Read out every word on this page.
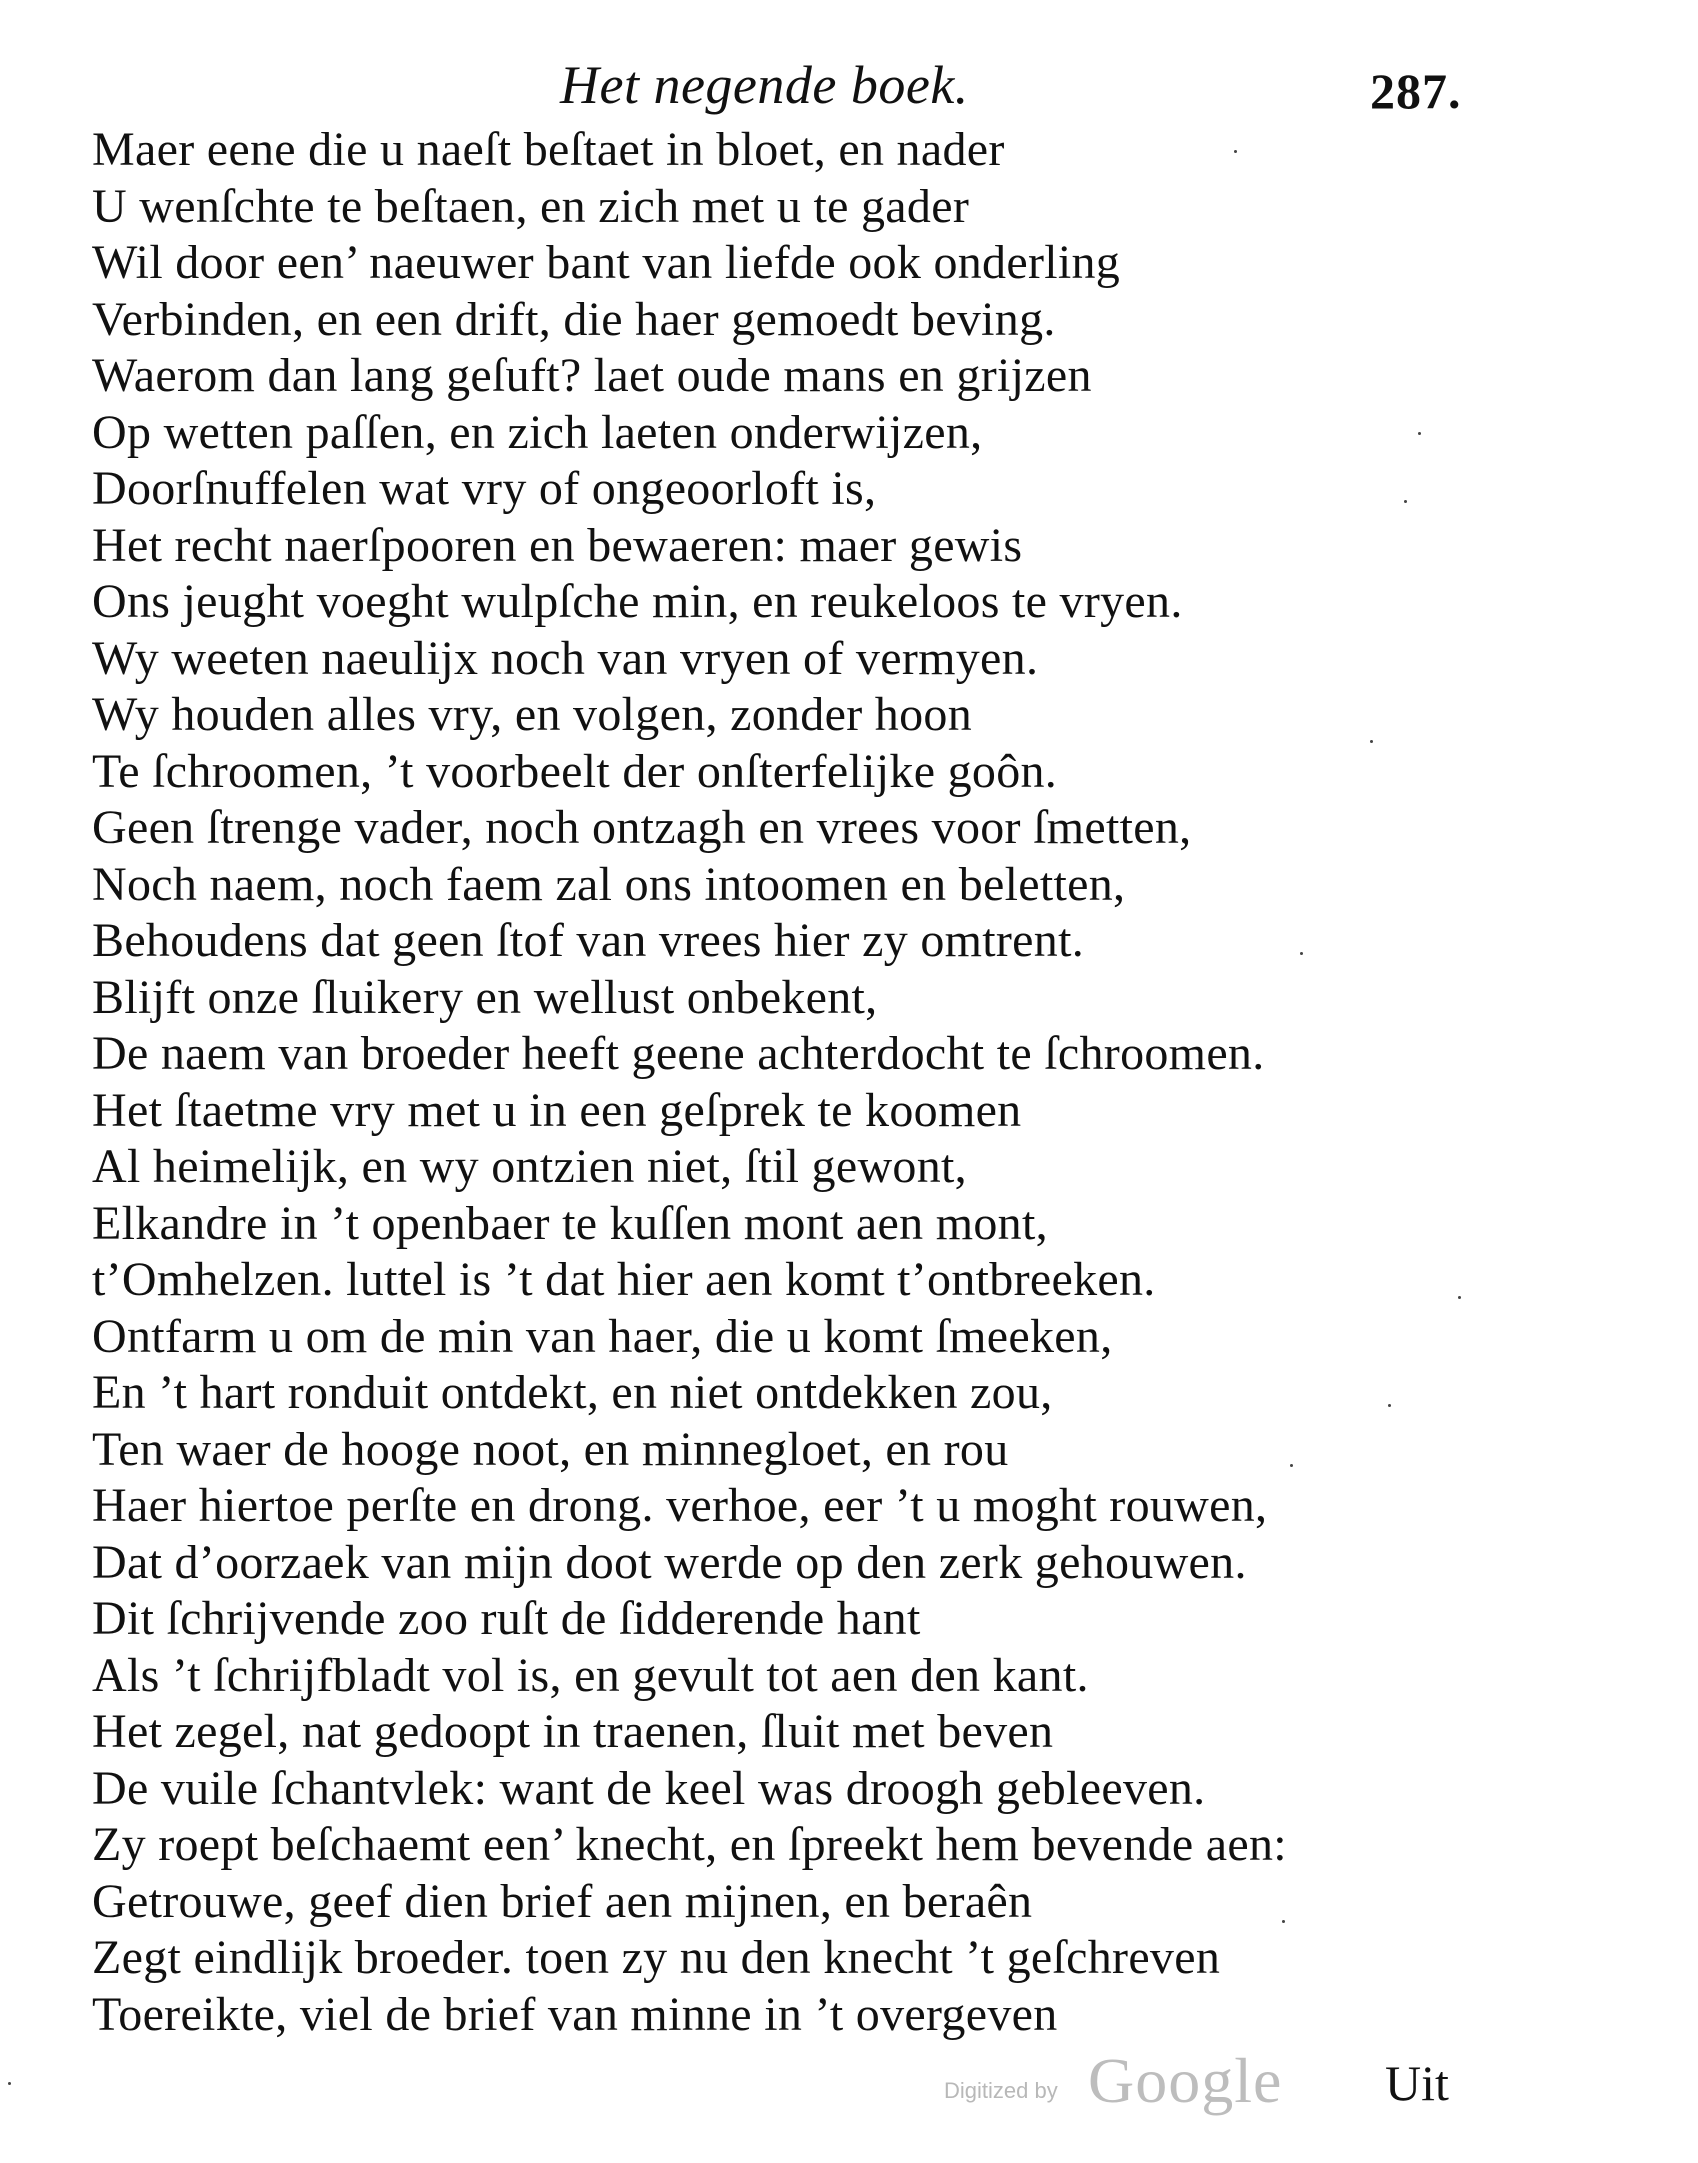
Het negende boek.	287.
Maer eene die u naeſt beſtaet in bloet, en nader
U wenſchte te beſtaen, en zich met u te gader
Wil door een’ naeuwer bant van liefde ook onderling
Verbinden, en een drift, die haer gemoedt beving.
Waerom dan lang geſuft? laet oude mans en grijzen
Op wetten paſſen, en zich laeten onderwijzen,
Doorſnuffelen wat vry of ongeoorloft is,
Het recht naerſpooren en bewaeren: maer gewis
Ons jeught voeght wulpſche min, en reukeloos te vryen.
Wy weeten naeulijx noch van vryen of vermyen.
Wy houden alles vry, en volgen, zonder hoon
Te ſchroomen, ’t voorbeelt der onſterfelijke goôn.
Geen ſtrenge vader, noch ontzagh en vrees voor ſmetten,
Noch naem, noch faem zal ons intoomen en beletten,
Behoudens dat geen ſtof van vrees hier zy omtrent.
Blijft onze ſluikery en wellust onbekent,
De naem van broeder heeft geene achterdocht te ſchroomen.
Het ſtaetme vry met u in een geſprek te koomen
Al heimelijk, en wy ontzien niet, ſtil gewont,
Elkandre in ’t openbaer te kuſſen mont aen mont,
t’Omhelzen. luttel is ’t dat hier aen komt t’ontbreeken.
Ontfarm u om de min van haer, die u komt ſmeeken,
En ’t hart ronduit ontdekt, en niet ontdekken zou,
Ten waer de hooge noot, en minnegloet, en rou
Haer hiertoe perſte en drong. verhoe, eer ’t u moght rouwen,
Dat d’oorzaek van mijn doot werde op den zerk gehouwen.
Dit ſchrijvende zoo ruſt de ſidderende hant
Als ’t ſchrijfbladt vol is, en gevult tot aen den kant.
Het zegel, nat gedoopt in traenen, ſluit met beven
De vuile ſchantvlek: want de keel was droogh gebleeven.
Zy roept beſchaemt een’ knecht, en ſpreekt hem bevende aen:
Getrouwe, geef dien brief aen mijnen, en beraên
Zegt eindlijk broeder. toen zy nu den knecht ’t geſchreven
Toereikte, viel de brief van minne in ’t overgeven
Digitized by Google Uit
